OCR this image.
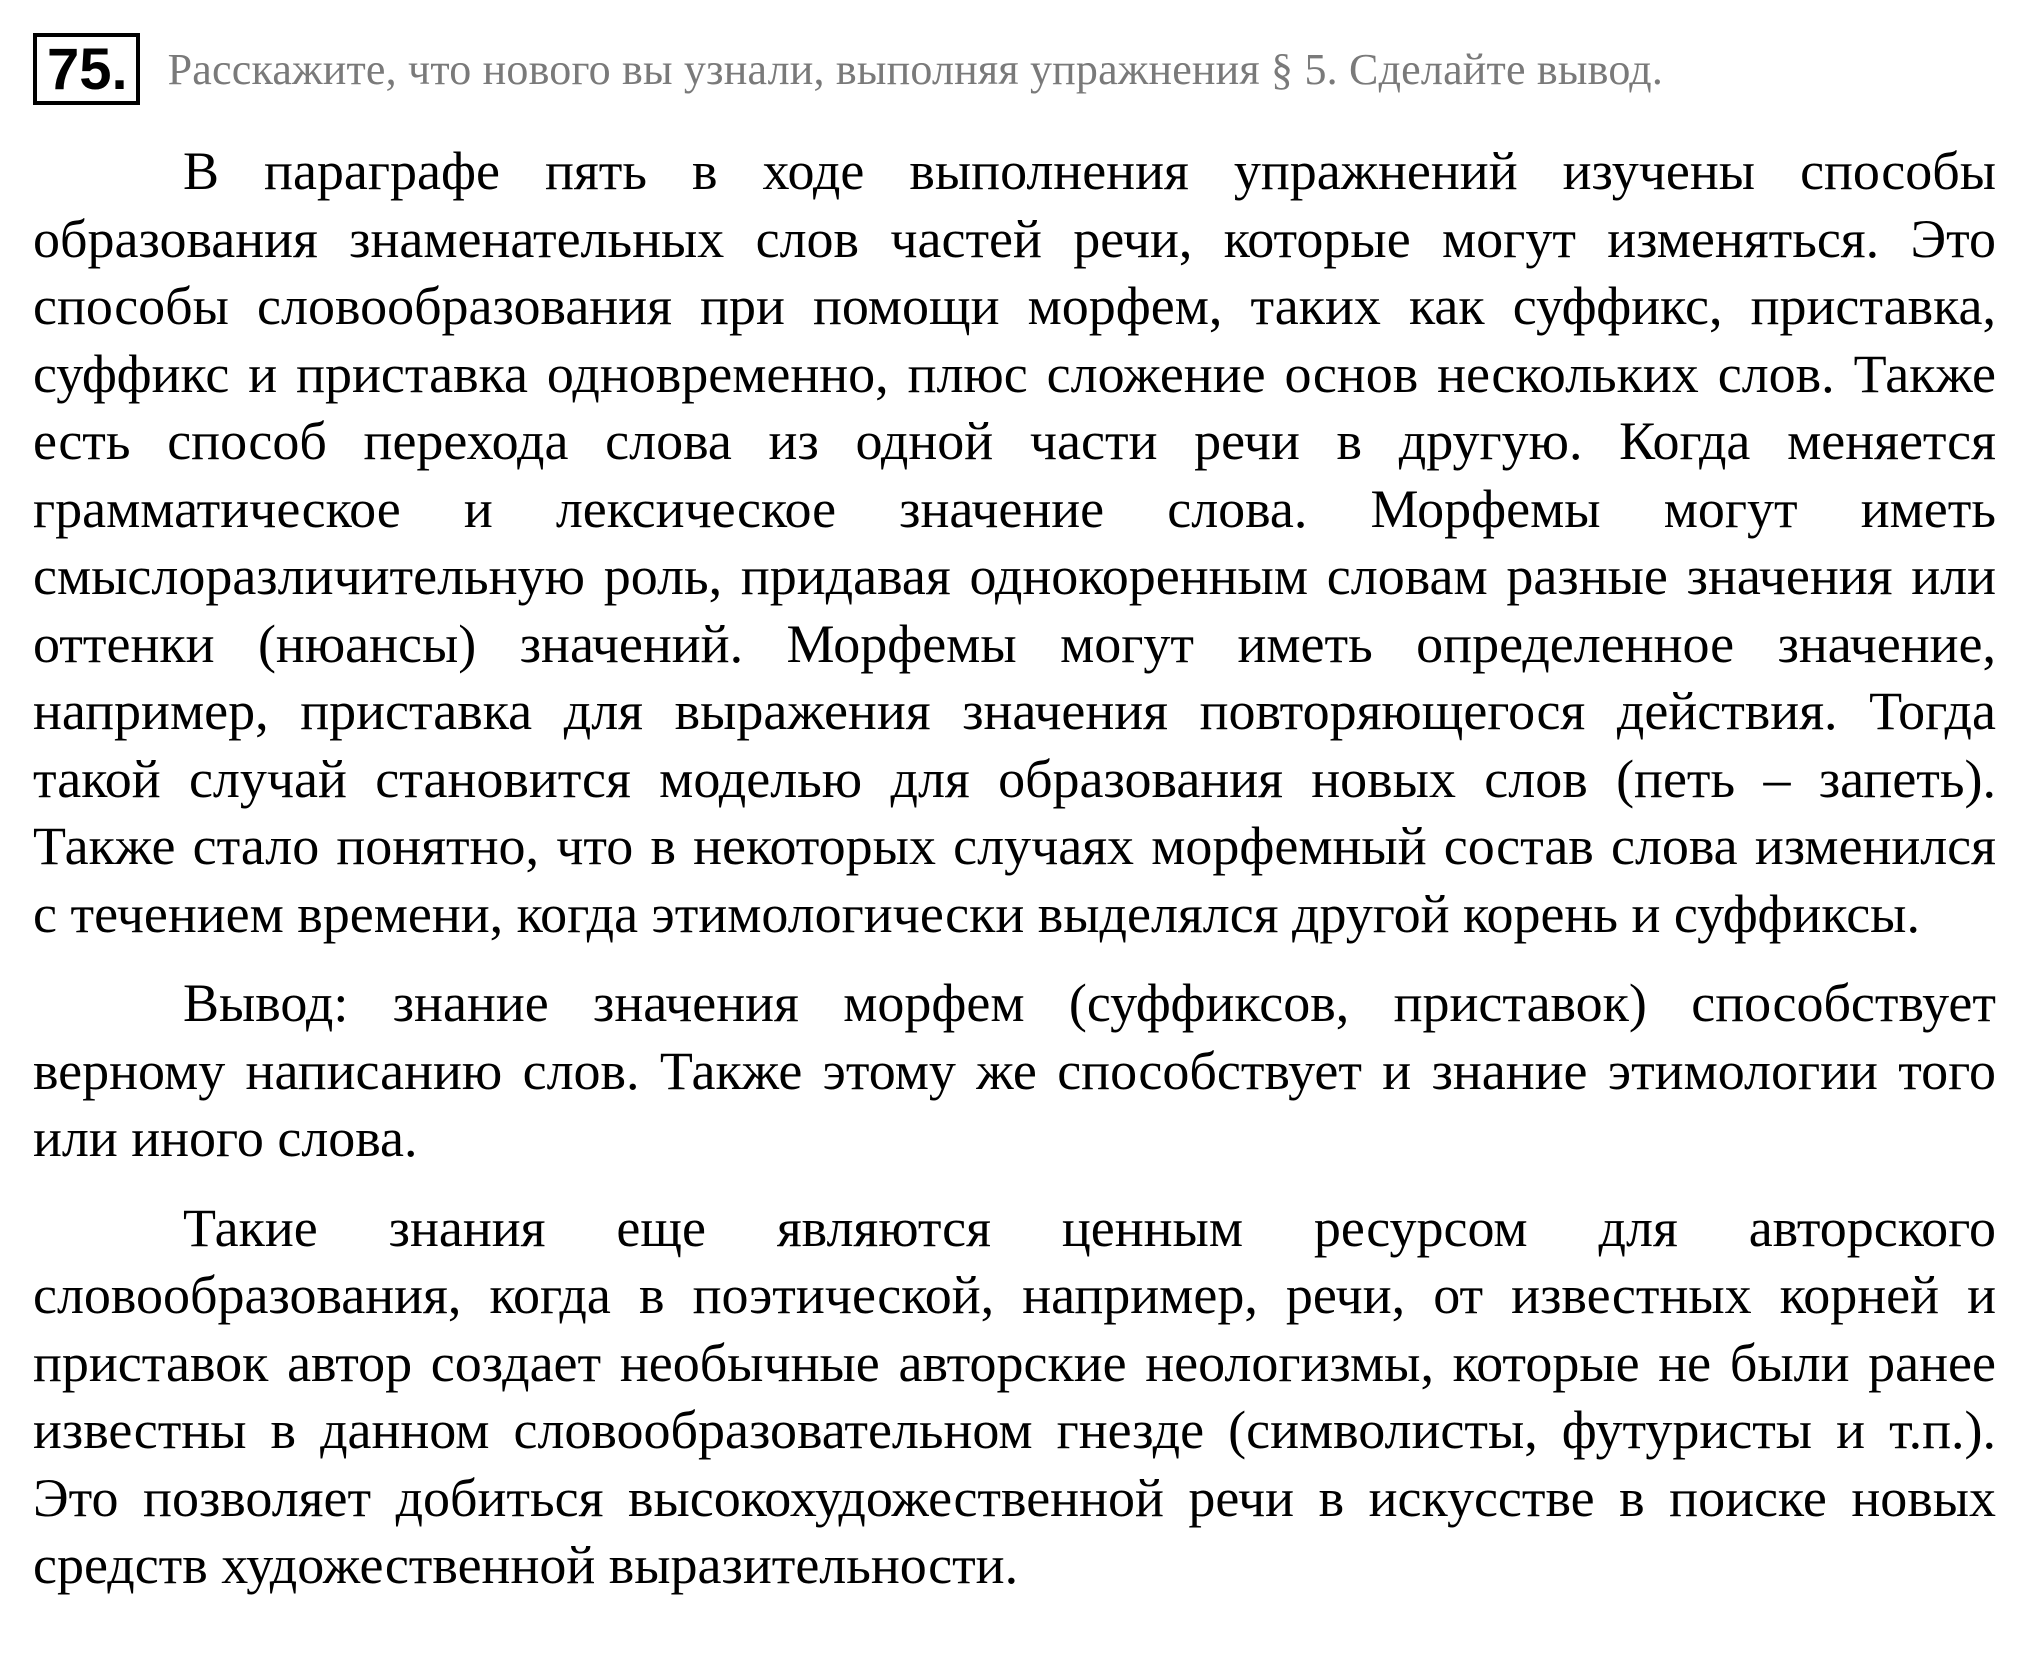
75. Расскажите, что нового вы узнали, выполняя упражнения § 5. Сделайте вывод.

В параграфе пять в ходе выполнения упражнений изучены способы образования знаменательных слов частей речи, которые могут изменяться. Это способы словообразования при помощи морфем, таких как суффикс, приставка, суффикс и приставка одновременно, плюс сложение основ нескольких слов. Также есть способ перехода слова из одной части речи в другую. Когда меняется грамматическое и лексическое значение слова. Морфемы могут иметь смыслоразличительную роль, придавая однокоренным словам разные значения или оттенки (нюансы) значений. Морфемы могут иметь определенное значение, например, приставка для выражения значения повторяющегося действия. Тогда такой случай становится моделью для образования новых слов (петь – запеть). Также стало понятно, что в некоторых случаях морфемный состав слова изменился с течением времени, когда этимологически выделялся другой корень и суффиксы.

Вывод: знание значения морфем (суффиксов, приставок) способствует верному написанию слов. Также этому же способствует и знание этимологии того или иного слова.

Такие знания еще являются ценным ресурсом для авторского словообразования, когда в поэтической, например, речи, от известных корней и приставок автор создает необычные авторские неологизмы, которые не были ранее известны в данном словообразовательном гнезде (символисты, футуристы и т.п.). Это позволяет добиться высокохудожественной речи в искусстве в поиске новых средств художественной выразительности.
